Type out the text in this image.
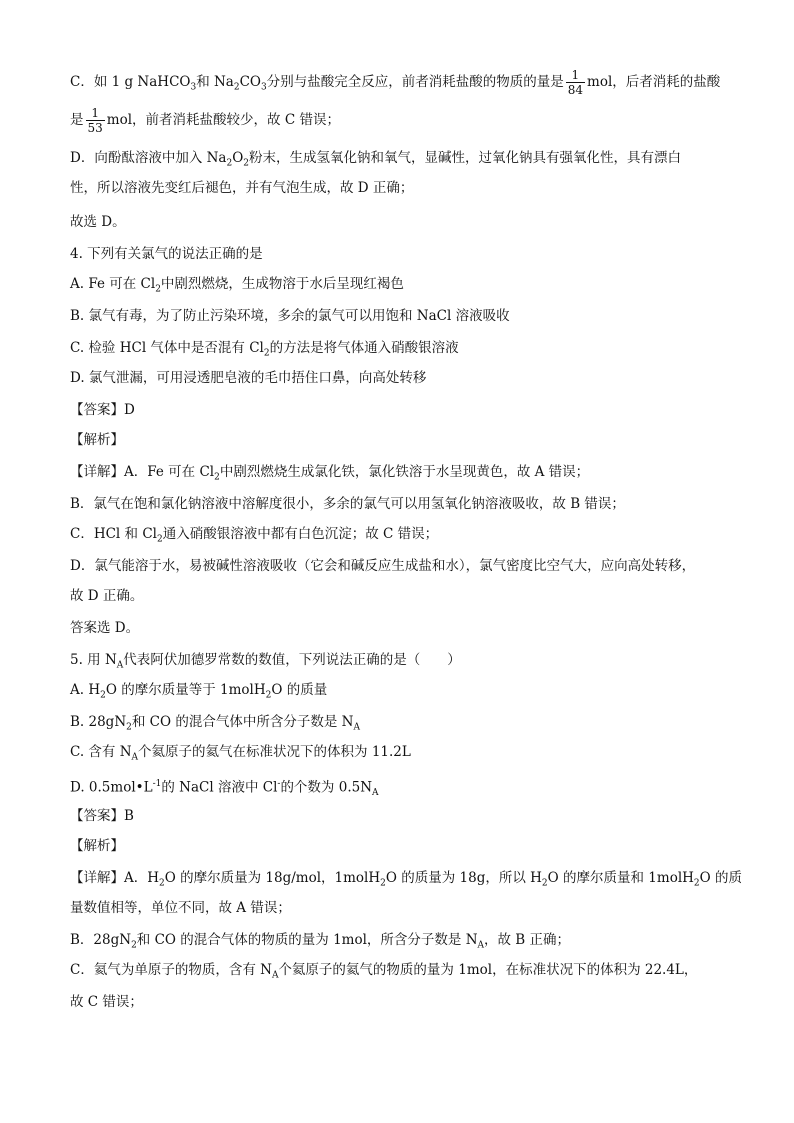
C．如 1 g NaHCO$_3$和 $Na_2CO_3$分别与盐酸完全反应，前者消耗盐酸的物质的量是 $\frac{1}{84}$ mol，后者消耗的盐酸
是 $\frac{1}{53}$ mol，前者消耗盐酸较少，故 C 错误；
D．向酚酞溶液中加入 $Na_2O_2$粉末，生成氢氧化钠和氧气，显碱性，过氧化钠具有强氧化性，具有漂白
性，所以溶液先变红后褪色，并有气泡生成，故 D 正确；
故选 D。
4. 下列有关氯气的说法正确的是
A. Fe 可在 $Cl_2$中剧烈燃烧，生成物溶于水后呈现红褐色
B. 氯气有毒，为了防止污染环境，多余的氯气可以用饱和 NaCl 溶液吸收
C. 检验 HCl 气体中是否混有 $Cl_2$的方法是将气体通入硝酸银溶液
D. 氯气泄漏，可用浸透肥皂液的毛巾捂住口鼻，向高处转移
【答案】D
【解析】
【详解】A．Fe 可在 $Cl_2$中剧烈燃烧生成氯化铁，氯化铁溶于水呈现黄色，故 A 错误；
B．氯气在饱和氯化钠溶液中溶解度很小，多余的氯气可以用氢氧化钠溶液吸收，故 B 错误；
C．HCl 和 $Cl_2$通入硝酸银溶液中都有白色沉淀；故 C 错误；
D．氯气能溶于水，易被碱性溶液吸收（它会和碱反应生成盐和水），氯气密度比空气大，应向高处转移，
故 D 正确。
答案选 D。
5. 用 $N_A$代表阿伏加德罗常数的数值，下列说法正确的是（　　）
A. $H_2O$ 的摩尔质量等于 1molH$_2$O 的质量
B. $28gN_2$和 CO 的混合气体中所含分子数是 $N_A$
C. 含有 $N_A$个氦原子的氦气在标准状况下的体积为 11.2L
D. $0.5mol•L^{-1}$的 NaCl 溶液中 Cl-的个数为 $0.5N_A$
【答案】B
【解析】
【详解】A．$H_2O$ 的摩尔质量为 18g/mol，1molH$_2$O 的质量为 18g，所以 $H_2O$ 的摩尔质量和 1molH$_2$O 的质
量数值相等，单位不同，故 A 错误；
B．$28gN_2$和 CO 的混合气体的物质的量为 1mol，所含分子数是 $N_A$，故 B 正确；
C．氦气为单原子的物质，含有 $N_A$个氦原子的氦气的物质的量为 1mol，在标准状况下的体积为 22.4L，
故 C 错误；
